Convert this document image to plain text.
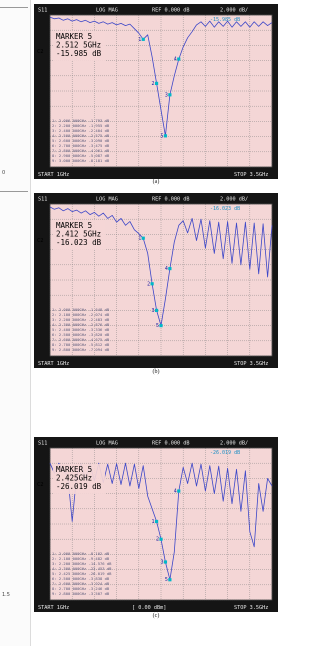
0
1.5
S11	LOG MAG	REF 0.000 dB	2.000 dB/
-15.985 dB
C2
1
2
3
4
5
MARKER 5
2.512 5GHz
-15.985 dB
1: 2.006 000GHz -1.793 dB
2: 2.200 000GHz -1.955 dB
3: 2.400 000GHz -2.404 dB
4: 2.500 000GHz -2.575 dB
5: 2.600 000GHz -3.090 dB
6: 2.700 000GHz -3.475 dB
7: 2.800 000GHz -4.061 dB
8: 2.900 000GHz -5.087 dB
9: 3.000 000GHz -8.181 dB
START 1GHz	STOP 3.5GHz
(a)
S11	LOG MAG	REF 0.000 dB	2.000 dB/
-16.023 dB
C2	1
2
3
4
5
MARKER 5
2.412 5GHz
-16.023 dB
1: 2.000 000GHz -1.648 dB
2: 2.100 000GHz -2.074 dB
3: 2.200 000GHz -2.483 dB
4: 2.300 000GHz -2.876 dB
5: 2.400 000GHz -3.336 dB
6: 2.500 000GHz -3.820 dB
7: 2.600 000GHz -4.675 dB
8: 2.700 000GHz -5.812 dB
9: 2.800 000GHz -7.094 dB
START 1GHz	STOP 3.5GHz
(b)
S11	LOG MAG	REF 0.000 dB	2.000 dB/
-26.019 dB
C2
1
2
3
4
5
MARKER 5
2.425GHz
-26.019 dB
1: 2.000 000GHz -8.102 dB
2: 2.100 000GHz -9.482 dB
3: 2.200 000GHz -14.576 dB
4: 2.300 000GHz -22.453 dB
5: 2.425 000GHz -26.019 dB
6: 2.500 000GHz -3.838 dB
7: 2.600 000GHz -3.024 dB
8: 2.700 000GHz -3.246 dB
9: 2.800 000GHz -3.507 dB
START 1GHz	STOP 3.5GHz
[ 0.00 dBm]
(c)
